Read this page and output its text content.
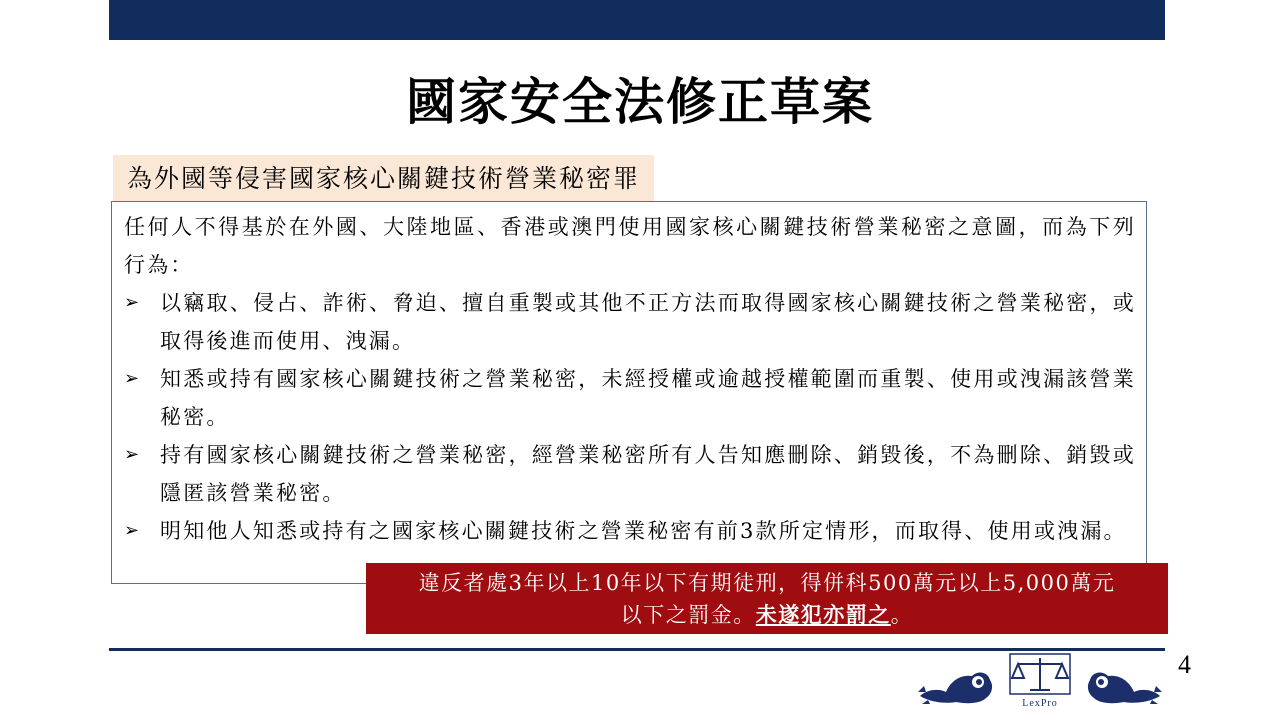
國家安全法修正草案
為外國等侵害國家核心關鍵技術營業秘密罪

任何人不得基於在外國、大陸地區、香港或澳門使用國家核心關鍵技術營業秘密之意圖，而為下列行為：

➢ 以竊取、侵占、詐術、脅迫、擅自重製或其他不正方法而取得國家核心關鍵技術之營業秘密，或取得後進而使用、洩漏。
➢ 知悉或持有國家核心關鍵技術之營業秘密，未經授權或逾越授權範圍而重製、使用或洩漏該營業秘密。
➢ 持有國家核心關鍵技術之營業秘密，經營業秘密所有人告知應刪除、銷毀後，不為刪除、銷毀或隱匿該營業秘密。
➢ 明知他人知悉或持有之國家核心關鍵技術之營業秘密有前3款所定情形，而取得、使用或洩漏。
違反者處3年以上10年以下有期徒刑，得併科500萬元以上5,000萬元
以下之罰金。未遂犯亦罰之。
4
LexPro
